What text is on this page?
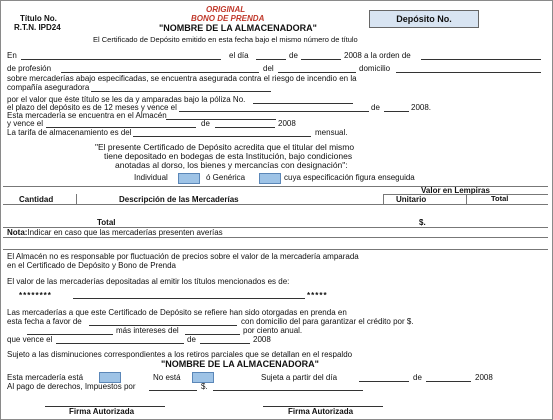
ORIGINAL
BONO DE PRENDA
Título No.
R.T.N. IPD24	"NOMBRE DE LA ALMACENADORA"
Depósito No.
El Certificado de Depósito emitido en esta fecha bajo el mismo número de título
En	el día	de	2008 a la orden de
de profesión	del	domicilio
sobre mercaderías abajo especificadas, se encuentra asegurada contra el riesgo de incendio en la
compañía aseguradora
por el valor que éste título se les da y amparadas bajo la póliza No.
el plazo del depósito es de 12 meses y vence el	de	2008.
Esta mercadería se encuentra en el Almacén
y vence el	de	2008
La tarifa de almacenamiento es del	mensual.
"El presente Certificado de Depósito acredita que el titular del mismo
tiene depositado en bodegas de esta Institución, bajo condiciones
anotadas al dorso, los bienes y mercancías con designación":
Individual	ó Genérica	cuya especificación figura enseguida
Valor en Lempiras
Cantidad	Descripción de las Mercaderías	Unitario	Total
Total	$.
Nota:Indicar en caso que las mercaderías presenten averías
El Almacén no es responsable por fluctuación de precios sobre el valor de la mercadería amparada
en el Certificado de Depósito y Bono de Prenda
El valor de las mercaderías depositadas al emitir los títulos mencionados es de:
********	*****
Las mercaderías a que este Certificado de Depósito se refiere han sido otorgadas en prenda en
esta fecha a favor de	con domicilio del para garantizar el crédito por $.
más intereses del	por ciento anual.
que vence el	de	2008
Sujeto a las disminuciones correspondientes a los retiros parciales que se detallan en el respaldo
"NOMBRE DE LA ALMACENADORA"
Esta mercadería está	No está	Sujeta a partir del día	de	2008
Al pago de derechos, Impuestos por	$.
Firma Autorizada	Firma Autorizada
